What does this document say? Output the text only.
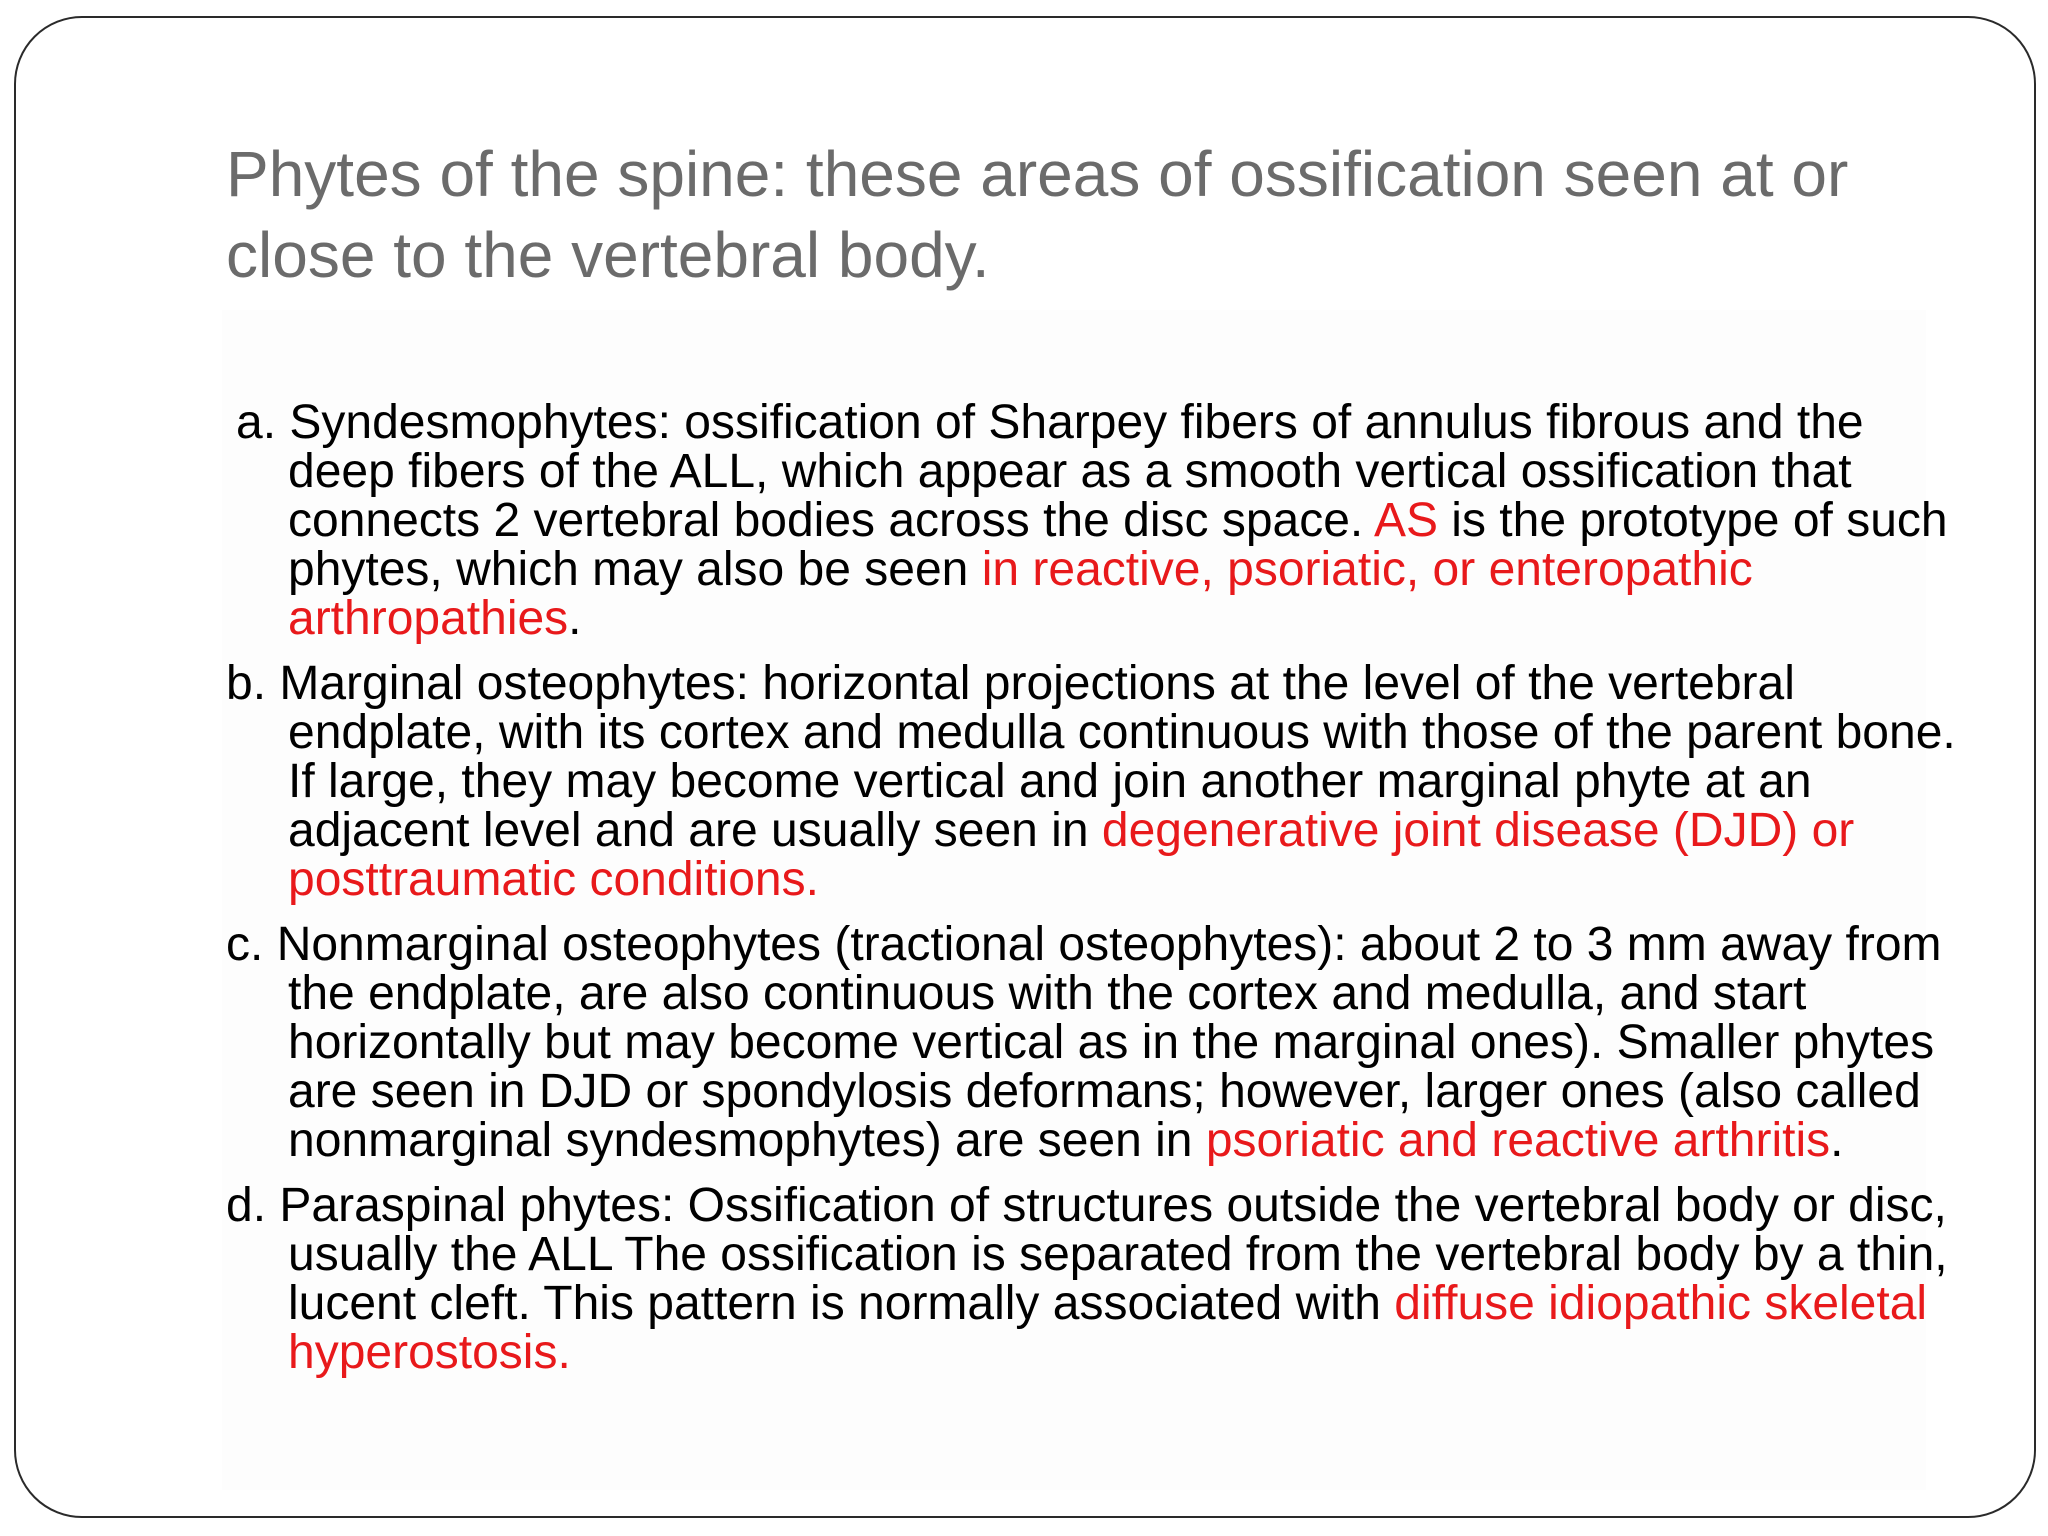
Phytes of the spine: these areas of ossification seen at or close to the vertebral body.
a. Syndesmophytes: ossification of Sharpey fibers of annulus fibrous and the deep fibers of the ALL, which appear as a smooth vertical ossification that connects 2 vertebral bodies across the disc space. AS is the prototype of such phytes, which may also be seen in reactive, psoriatic, or enteropathic arthropathies.
b. Marginal osteophytes: horizontal projections at the level of the vertebral endplate, with its cortex and medulla continuous with those of the parent bone. If large, they may become vertical and join another marginal phyte at an adjacent level and are usually seen in degenerative joint disease (DJD) or posttraumatic conditions.
c. Nonmarginal osteophytes (tractional osteophytes): about 2 to 3 mm away from the endplate, are also continuous with the cortex and medulla, and start horizontally but may become vertical as in the marginal ones). Smaller phytes are seen in DJD or spondylosis deformans; however, larger ones (also called nonmarginal syndesmophytes) are seen in psoriatic and reactive arthritis.
d. Paraspinal phytes: Ossification of structures outside the vertebral body or disc, usually the ALL The ossification is separated from the vertebral body by a thin, lucent cleft. This pattern is normally associated with diffuse idiopathic skeletal hyperostosis.
